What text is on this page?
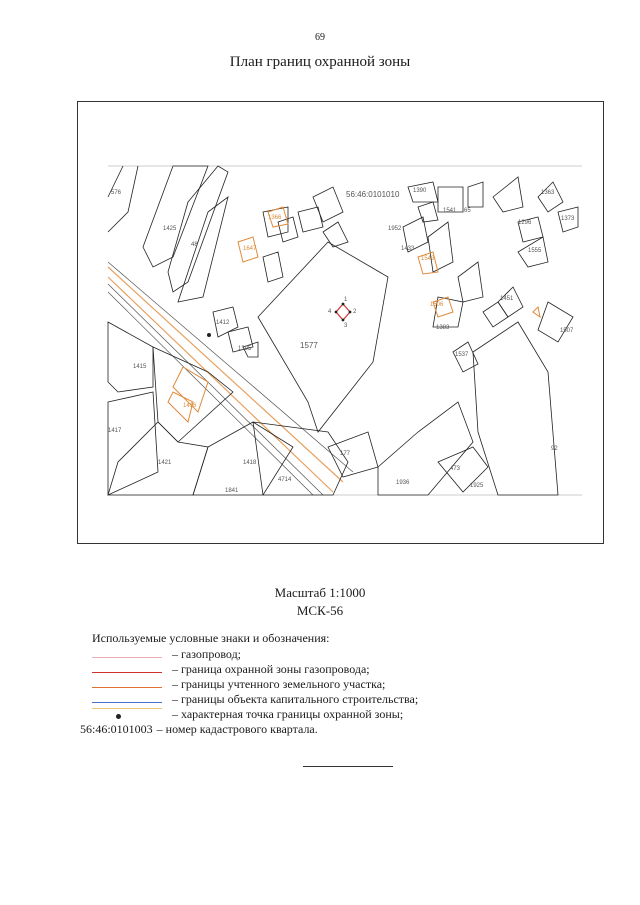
69
План границ охранной зоны
1
2
3
4
56:46:0101010
576
1425
48
1366
1647
1415
1416
1417
1421	1418
4714
1577
177
1936
473
1925
92
1507
1433
1952
1543
65
1541
1373
1296
1555
1363
1383
1506
1537
1451
1390
1412
1395
1841
Масштаб 1:1000
МСК-56
Используемые условные знаки и обозначения:
– газопровод;
– граница охранной зоны газопровода;
– границы учтенного земельного участка;
– границы объекта капитального строительства;
– характерная точка границы охранной зоны;
56:46:0101003 – номер кадастрового квартала.
